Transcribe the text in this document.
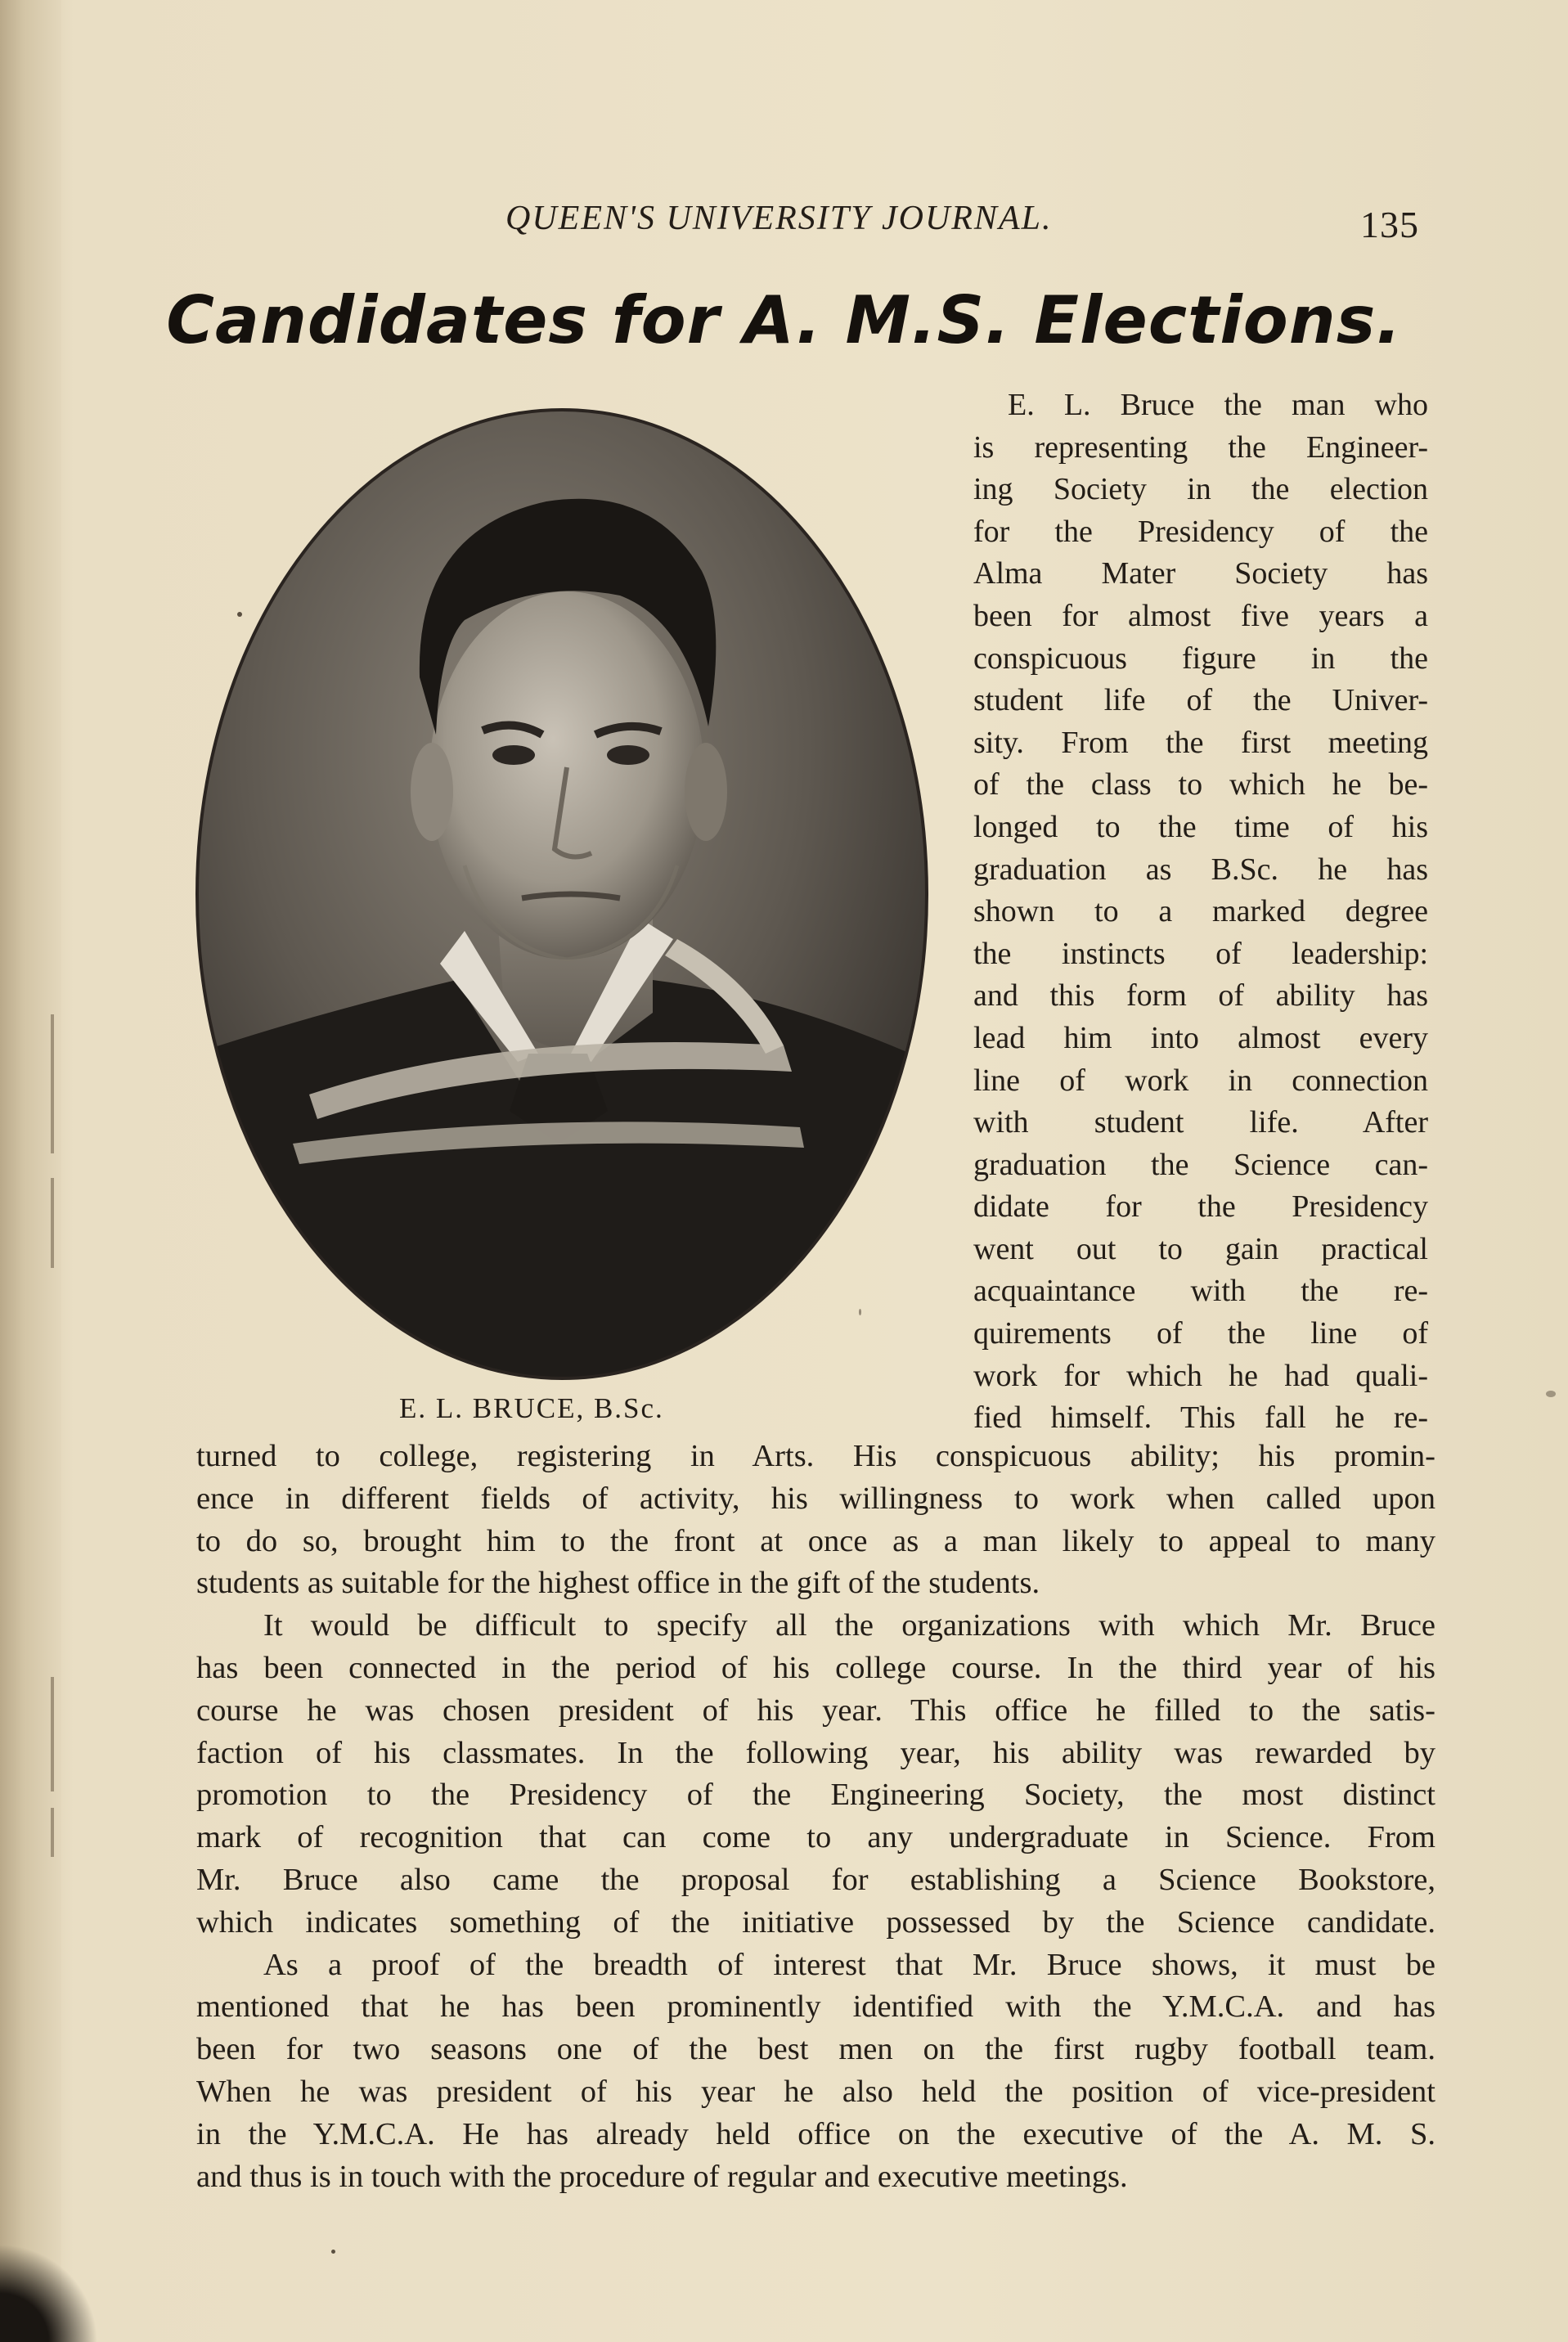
QUEEN'S UNIVERSITY JOURNAL.	135
Candidates for A. M.S. Elections.
E. L. BRUCE, B.Sc.
E. L. Bruce the man who
is representing the Engineer-
ing Society in the election
for the Presidency of the
Alma Mater Society has
been for almost five years a
conspicuous figure in the
student life of the Univer-
sity. From the first meeting
of the class to which he be-
longed to the time of his
graduation as B.Sc. he has
shown to a marked degree
the instincts of leadership:
and this form of ability has
lead him into almost every
line of work in connection
with student life. After
graduation the Science can-
didate for the Presidency
went out to gain practical
acquaintance with the re-
quirements of the line of
work for which he had quali-
fied himself. This fall he re-
turned to college, registering in Arts. His conspicuous ability; his promin-
ence in different fields of activity, his willingness to work when called upon
to do so, brought him to the front at once as a man likely to appeal to many
students as suitable for the highest office in the gift of the students.
It would be difficult to specify all the organizations with which Mr. Bruce
has been connected in the period of his college course. In the third year of his
course he was chosen president of his year. This office he filled to the satis-
faction of his classmates. In the following year, his ability was rewarded by
promotion to the Presidency of the Engineering Society, the most distinct
mark of recognition that can come to any undergraduate in Science. From
Mr. Bruce also came the proposal for establishing a Science Bookstore,
which indicates something of the initiative possessed by the Science candidate.
As a proof of the breadth of interest that Mr. Bruce shows, it must be
mentioned that he has been prominently identified with the Y.M.C.A. and has
been for two seasons one of the best men on the first rugby football team.
When he was president of his year he also held the position of vice-president
in the Y.M.C.A. He has already held office on the executive of the A. M. S.
and thus is in touch with the procedure of regular and executive meetings.
